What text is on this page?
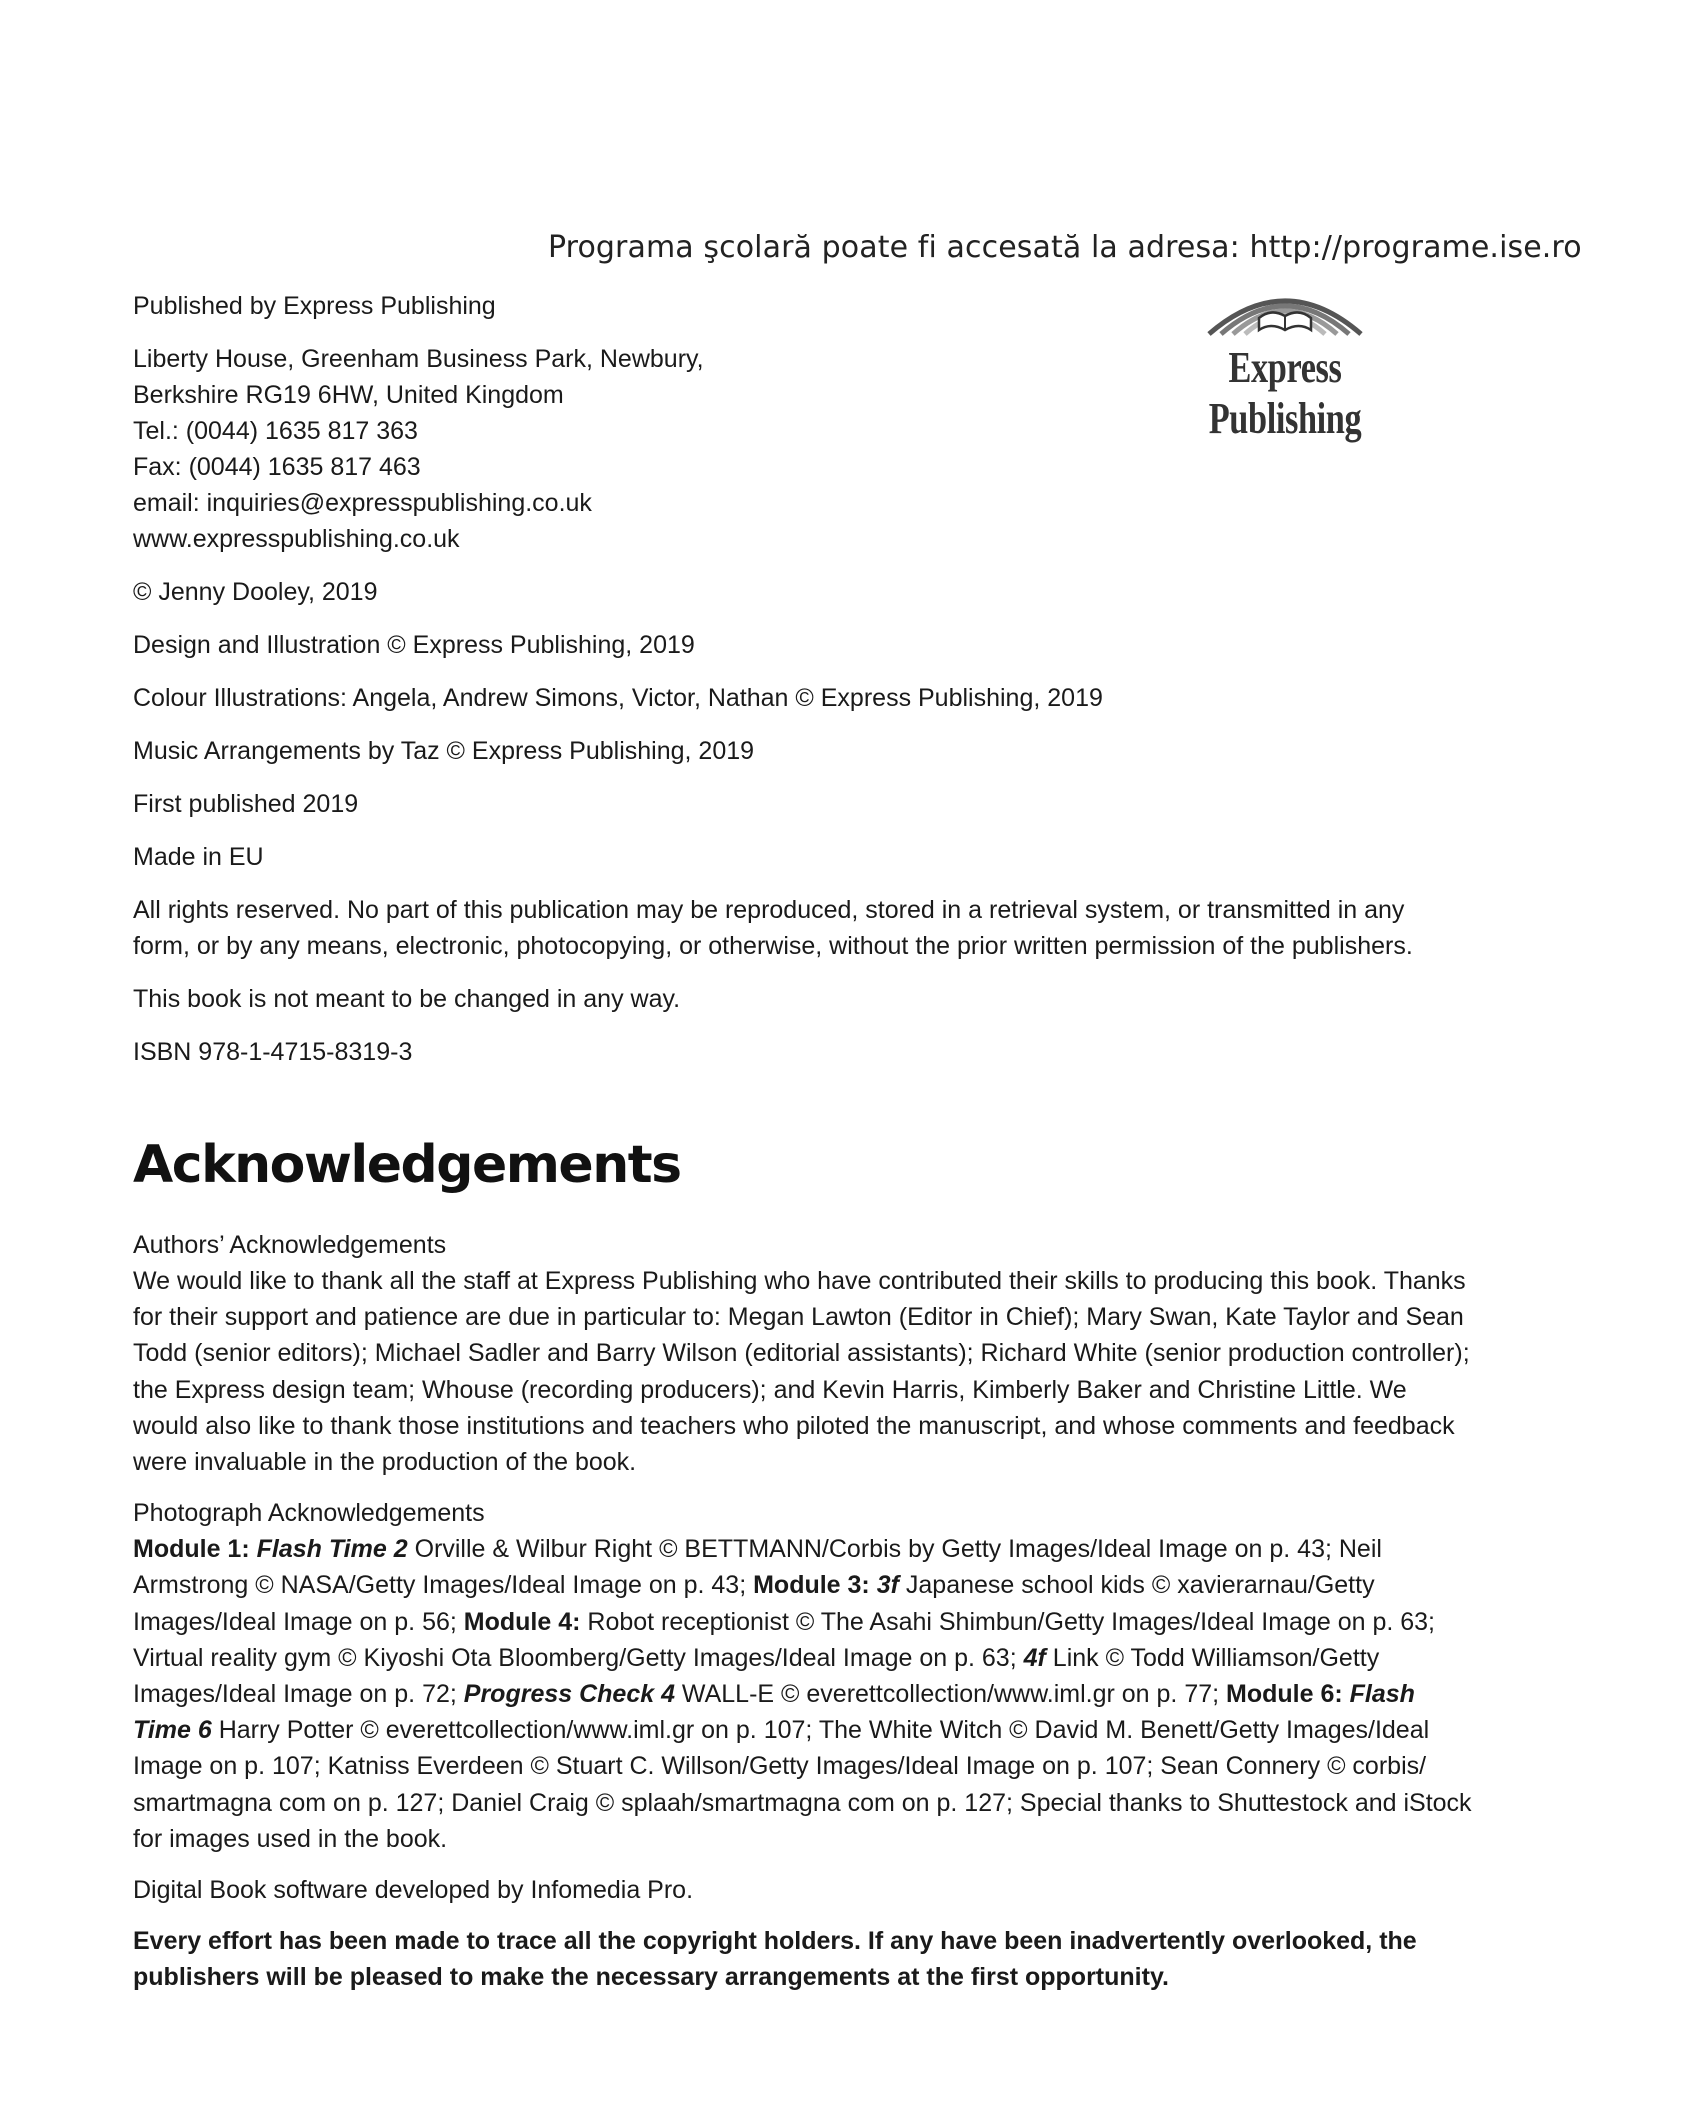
Programa şcolară poate fi accesată la adresa: http://programe.ise.ro
Express Publishing

Published by Express Publishing

Liberty House, Greenham Business Park, Newbury,
Berkshire RG19 6HW, United Kingdom
Tel.: (0044) 1635 817 363
Fax: (0044) 1635 817 463
email: inquiries@expresspublishing.co.uk
www.expresspublishing.co.uk

© Jenny Dooley, 2019

Design and Illustration © Express Publishing, 2019

Colour Illustrations: Angela, Andrew Simons, Victor, Nathan © Express Publishing, 2019

Music Arrangements by Taz © Express Publishing, 2019

First published 2019

Made in EU

All rights reserved. No part of this publication may be reproduced, stored in a retrieval system, or transmitted in any
form, or by any means, electronic, photocopying, or otherwise, without the prior written permission of the publishers.

This book is not meant to be changed in any way.

ISBN 978-1-4715-8319-3

Acknowledgements
Authors’ Acknowledgements

We would like to thank all the staff at Express Publishing who have contributed their skills to producing this book. Thanks for their support and patience are due in particular to: Megan Lawton (Editor in Chief); Mary Swan, Kate Taylor and Sean Todd (senior editors); Michael Sadler and Barry Wilson (editorial assistants); Richard White (senior production controller); the Express design team; Whouse (recording producers); and Kevin Harris, Kimberly Baker and Christine Little. We would also like to thank those institutions and teachers who piloted the manuscript, and whose comments and feedback were invaluable in the production of the book.

Photograph Acknowledgements

Module 1: Flash Time 2 Orville & Wilbur Right © BETTMANN/Corbis by Getty Images/Ideal Image on p. 43; Neil Armstrong © NASA/Getty Images/Ideal Image on p. 43; Module 3: 3f Japanese school kids © xavierarnau/Getty Images/Ideal Image on p. 56; Module 4: Robot receptionist © The Asahi Shimbun/Getty Images/Ideal Image on p. 63; Virtual reality gym © Kiyoshi Ota Bloomberg/Getty Images/Ideal Image on p. 63; 4f Link © Todd Williamson/Getty Images/Ideal Image on p. 72; Progress Check 4 WALL-E © everettcollection/www.iml.gr on p. 77; Module 6: Flash Time 6 Harry Potter © everettcollection/www.iml.gr on p. 107; The White Witch © David M. Benett/Getty Images/Ideal Image on p. 107; Katniss Everdeen © Stuart C. Willson/Getty Images/Ideal Image on p. 107; Sean Connery © corbis/ smartmagna com on p. 127; Daniel Craig © splaah/smartmagna com on p. 127; Special thanks to Shuttestock and iStock for images used in the book.

Digital Book software developed by Infomedia Pro.

Every effort has been made to trace all the copyright holders. If any have been inadvertently overlooked, the publishers will be pleased to make the necessary arrangements at the first opportunity.
